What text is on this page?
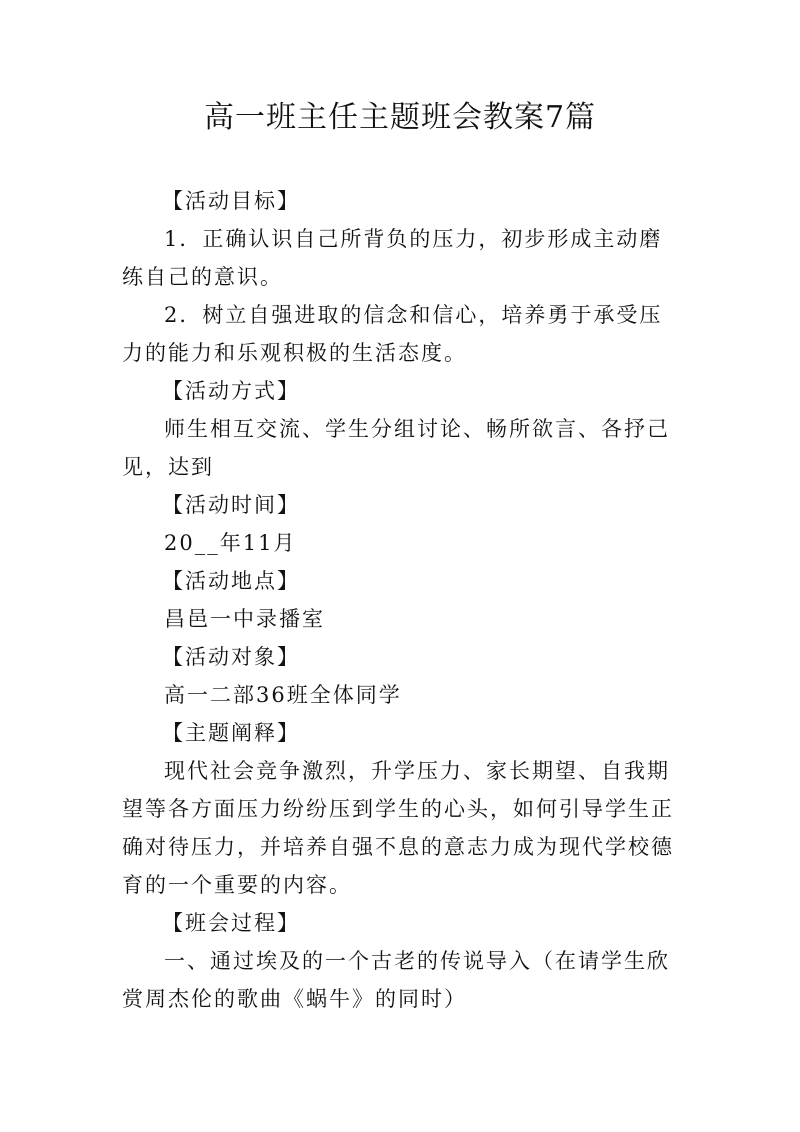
高一班主任主题班会教案7篇

【活动目标】

1．正确认识自己所背负的压力，初步形成主动磨练自己的意识。

2．树立自强进取的信念和信心，培养勇于承受压力的能力和乐观积极的生活态度。

【活动方式】

师生相互交流、学生分组讨论、畅所欲言、各抒己见，达到

【活动时间】

20__年11月

【活动地点】

昌邑一中录播室

【活动对象】

高一二部36班全体同学

【主题阐释】

现代社会竞争激烈，升学压力、家长期望、自我期望等各方面压力纷纷压到学生的心头，如何引导学生正确对待压力，并培养自强不息的意志力成为现代学校德育的一个重要的内容。

【班会过程】

一、通过埃及的一个古老的传说导入（在请学生欣赏周杰伦的歌曲《蜗牛》的同时）
